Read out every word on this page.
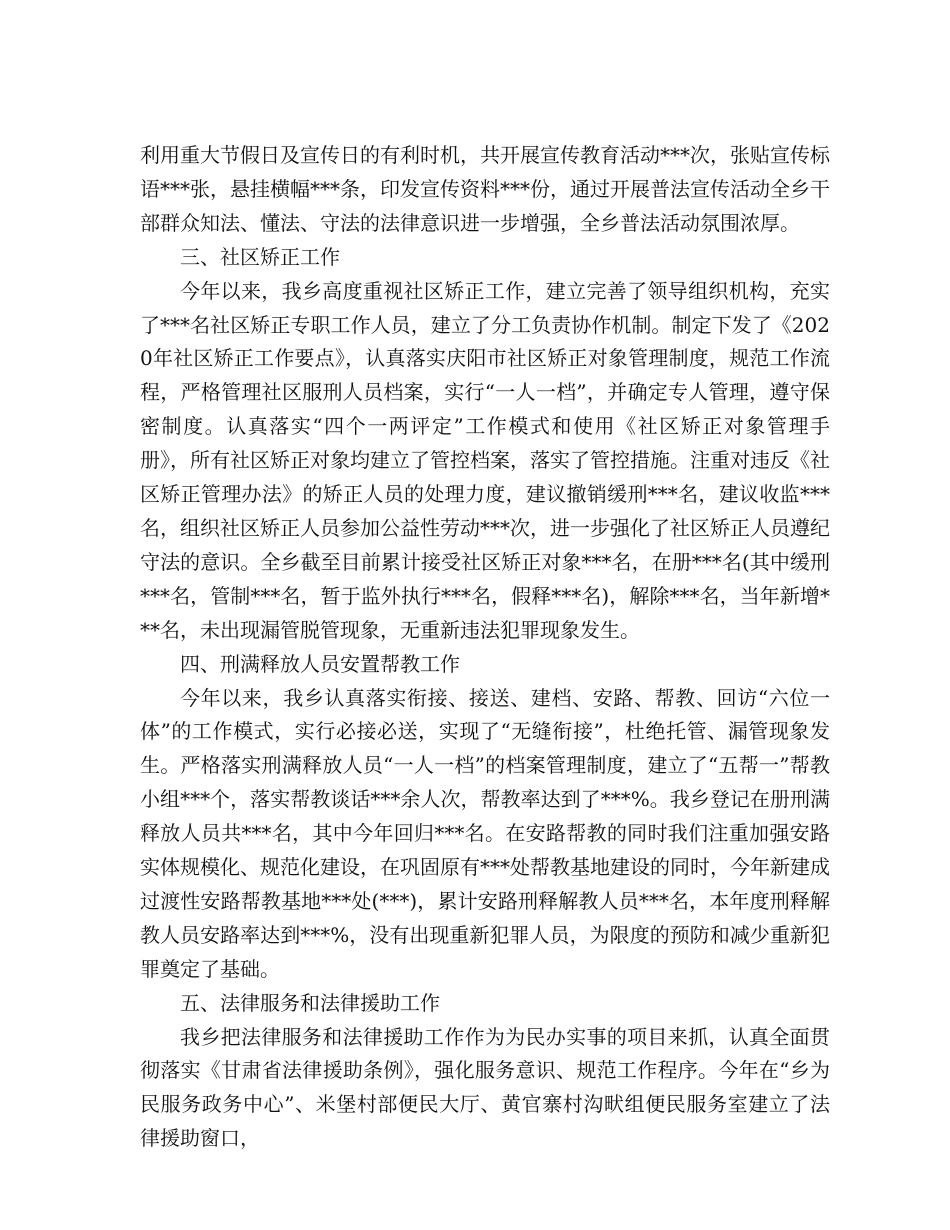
利用重大节假日及宣传日的有利时机，共开展宣传教育活动***次，张贴宣传标语***张，悬挂横幅***条，印发宣传资料***份，通过开展普法宣传活动全乡干部群众知法、懂法、守法的法律意识进一步增强，全乡普法活动氛围浓厚。

三、社区矫正工作

今年以来，我乡高度重视社区矫正工作，建立完善了领导组织机构，充实了***名社区矫正专职工作人员，建立了分工负责协作机制。制定下发了《2020年社区矫正工作要点》，认真落实庆阳市社区矫正对象管理制度，规范工作流程，严格管理社区服刑人员档案，实行“一人一档”，并确定专人管理，遵守保密制度。认真落实“四个一两评定”工作模式和使用《社区矫正对象管理手册》，所有社区矫正对象均建立了管控档案，落实了管控措施。注重对违反《社区矫正管理办法》的矫正人员的处理力度，建议撤销缓刑***名，建议收监***名，组织社区矫正人员参加公益性劳动***次，进一步强化了社区矫正人员遵纪守法的意识。全乡截至目前累计接受社区矫正对象***名，在册***名(其中缓刑***名，管制***名，暂于监外执行***名，假释***名)，解除***名，当年新增***名，未出现漏管脱管现象，无重新违法犯罪现象发生。

四、刑满释放人员安置帮教工作

今年以来，我乡认真落实衔接、接送、建档、安路、帮教、回访“六位一体”的工作模式，实行必接必送，实现了“无缝衔接”，杜绝托管、漏管现象发生。严格落实刑满释放人员“一人一档”的档案管理制度，建立了“五帮一”帮教小组***个，落实帮教谈话***余人次，帮教率达到了***%。我乡登记在册刑满释放人员共***名，其中今年回归***名。在安路帮教的同时我们注重加强安路实体规模化、规范化建设，在巩固原有***处帮教基地建设的同时，今年新建成过渡性安路帮教基地***处(***)，累计安路刑释解教人员***名，本年度刑释解教人员安路率达到***%，没有出现重新犯罪人员，为限度的预防和减少重新犯罪奠定了基础。

五、法律服务和法律援助工作

我乡把法律服务和法律援助工作作为为民办实事的项目来抓，认真全面贯彻落实《甘肃省法律援助条例》，强化服务意识、规范工作程序。今年在“乡为民服务政务中心”、米堡村部便民大厅、黄官寨村沟畎组便民服务室建立了法律援助窗口，
